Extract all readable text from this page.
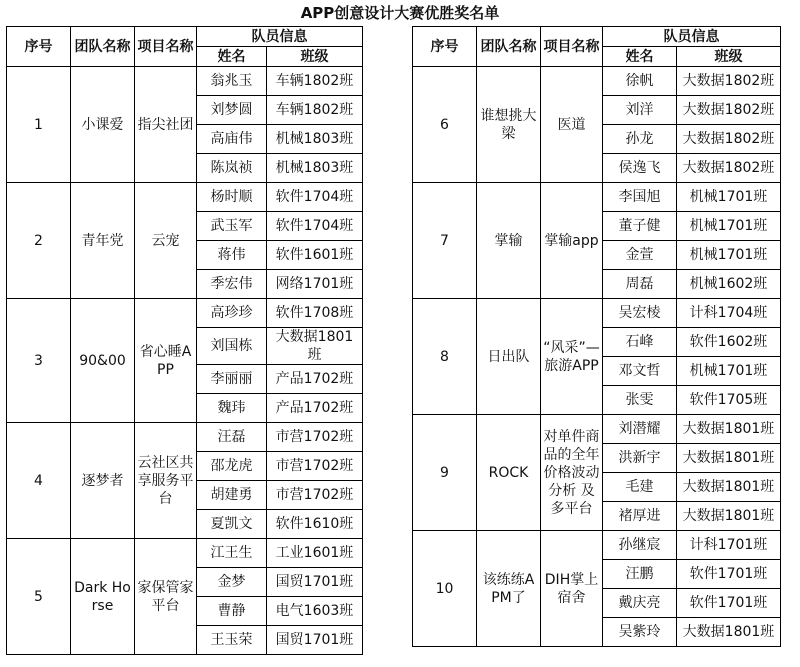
APP创意设计大赛优胜奖名单
序号	团队名称	项目名称	队员信息	
			姓名	班级
1	小课爱	指尖社团	翁兆玉	车辆1802班
			刘梦圆	车辆1802班
			高庙伟	机械1803班
			陈岚祯	机械1803班
2	青年党	云宠	杨时顺	软件1704班
			武玉军	软件1704班
			蒋伟	软件1601班
			季宏伟	网络1701班
3	90&00	省心睡APP	高珍珍	软件1708班
			刘国栋	大数据1801班
			李丽丽	产品1702班
			魏玮	产品1702班
4	逐梦者	云社区共享服务平台	汪磊	市营1702班
			邵龙虎	市营1702班
			胡建勇	市营1702班
			夏凯文	软件1610班
5	Dark Horse	家保管家平台	江王生	工业1601班
			金梦	国贸1701班
			曹静	电气1603班
			王玉荣	国贸1701班
序号	团队名称	项目名称	队员信息	
			姓名	班级
6	谁想挑大梁	医道	徐帆	大数据1802班
			刘洋	大数据1802班
			孙龙	大数据1802班
			侯逸飞	大数据1802班
7	掌输	掌输app	李国旭	机械1701班
			董子健	机械1701班
			金萱	机械1701班
			周磊	机械1602班
8	日出队	“风采”—旅游APP	吴宏棱	计科1704班
			石峰	软件1602班
			邓文哲	机械1701班
			张雯	软件1705班
9	ROCK	对单件商品的全年价格波动分析 及多平台	刘潜耀	大数据1801班
			洪新宇	大数据1801班
			毛建	大数据1801班
			褚厚进	大数据1801班
10	该练练APM了	DIH掌上宿舍	孙继宸	计科1701班
			汪鹏	软件1701班
			戴庆亮	软件1701班
			吴紫玲	大数据1801班
